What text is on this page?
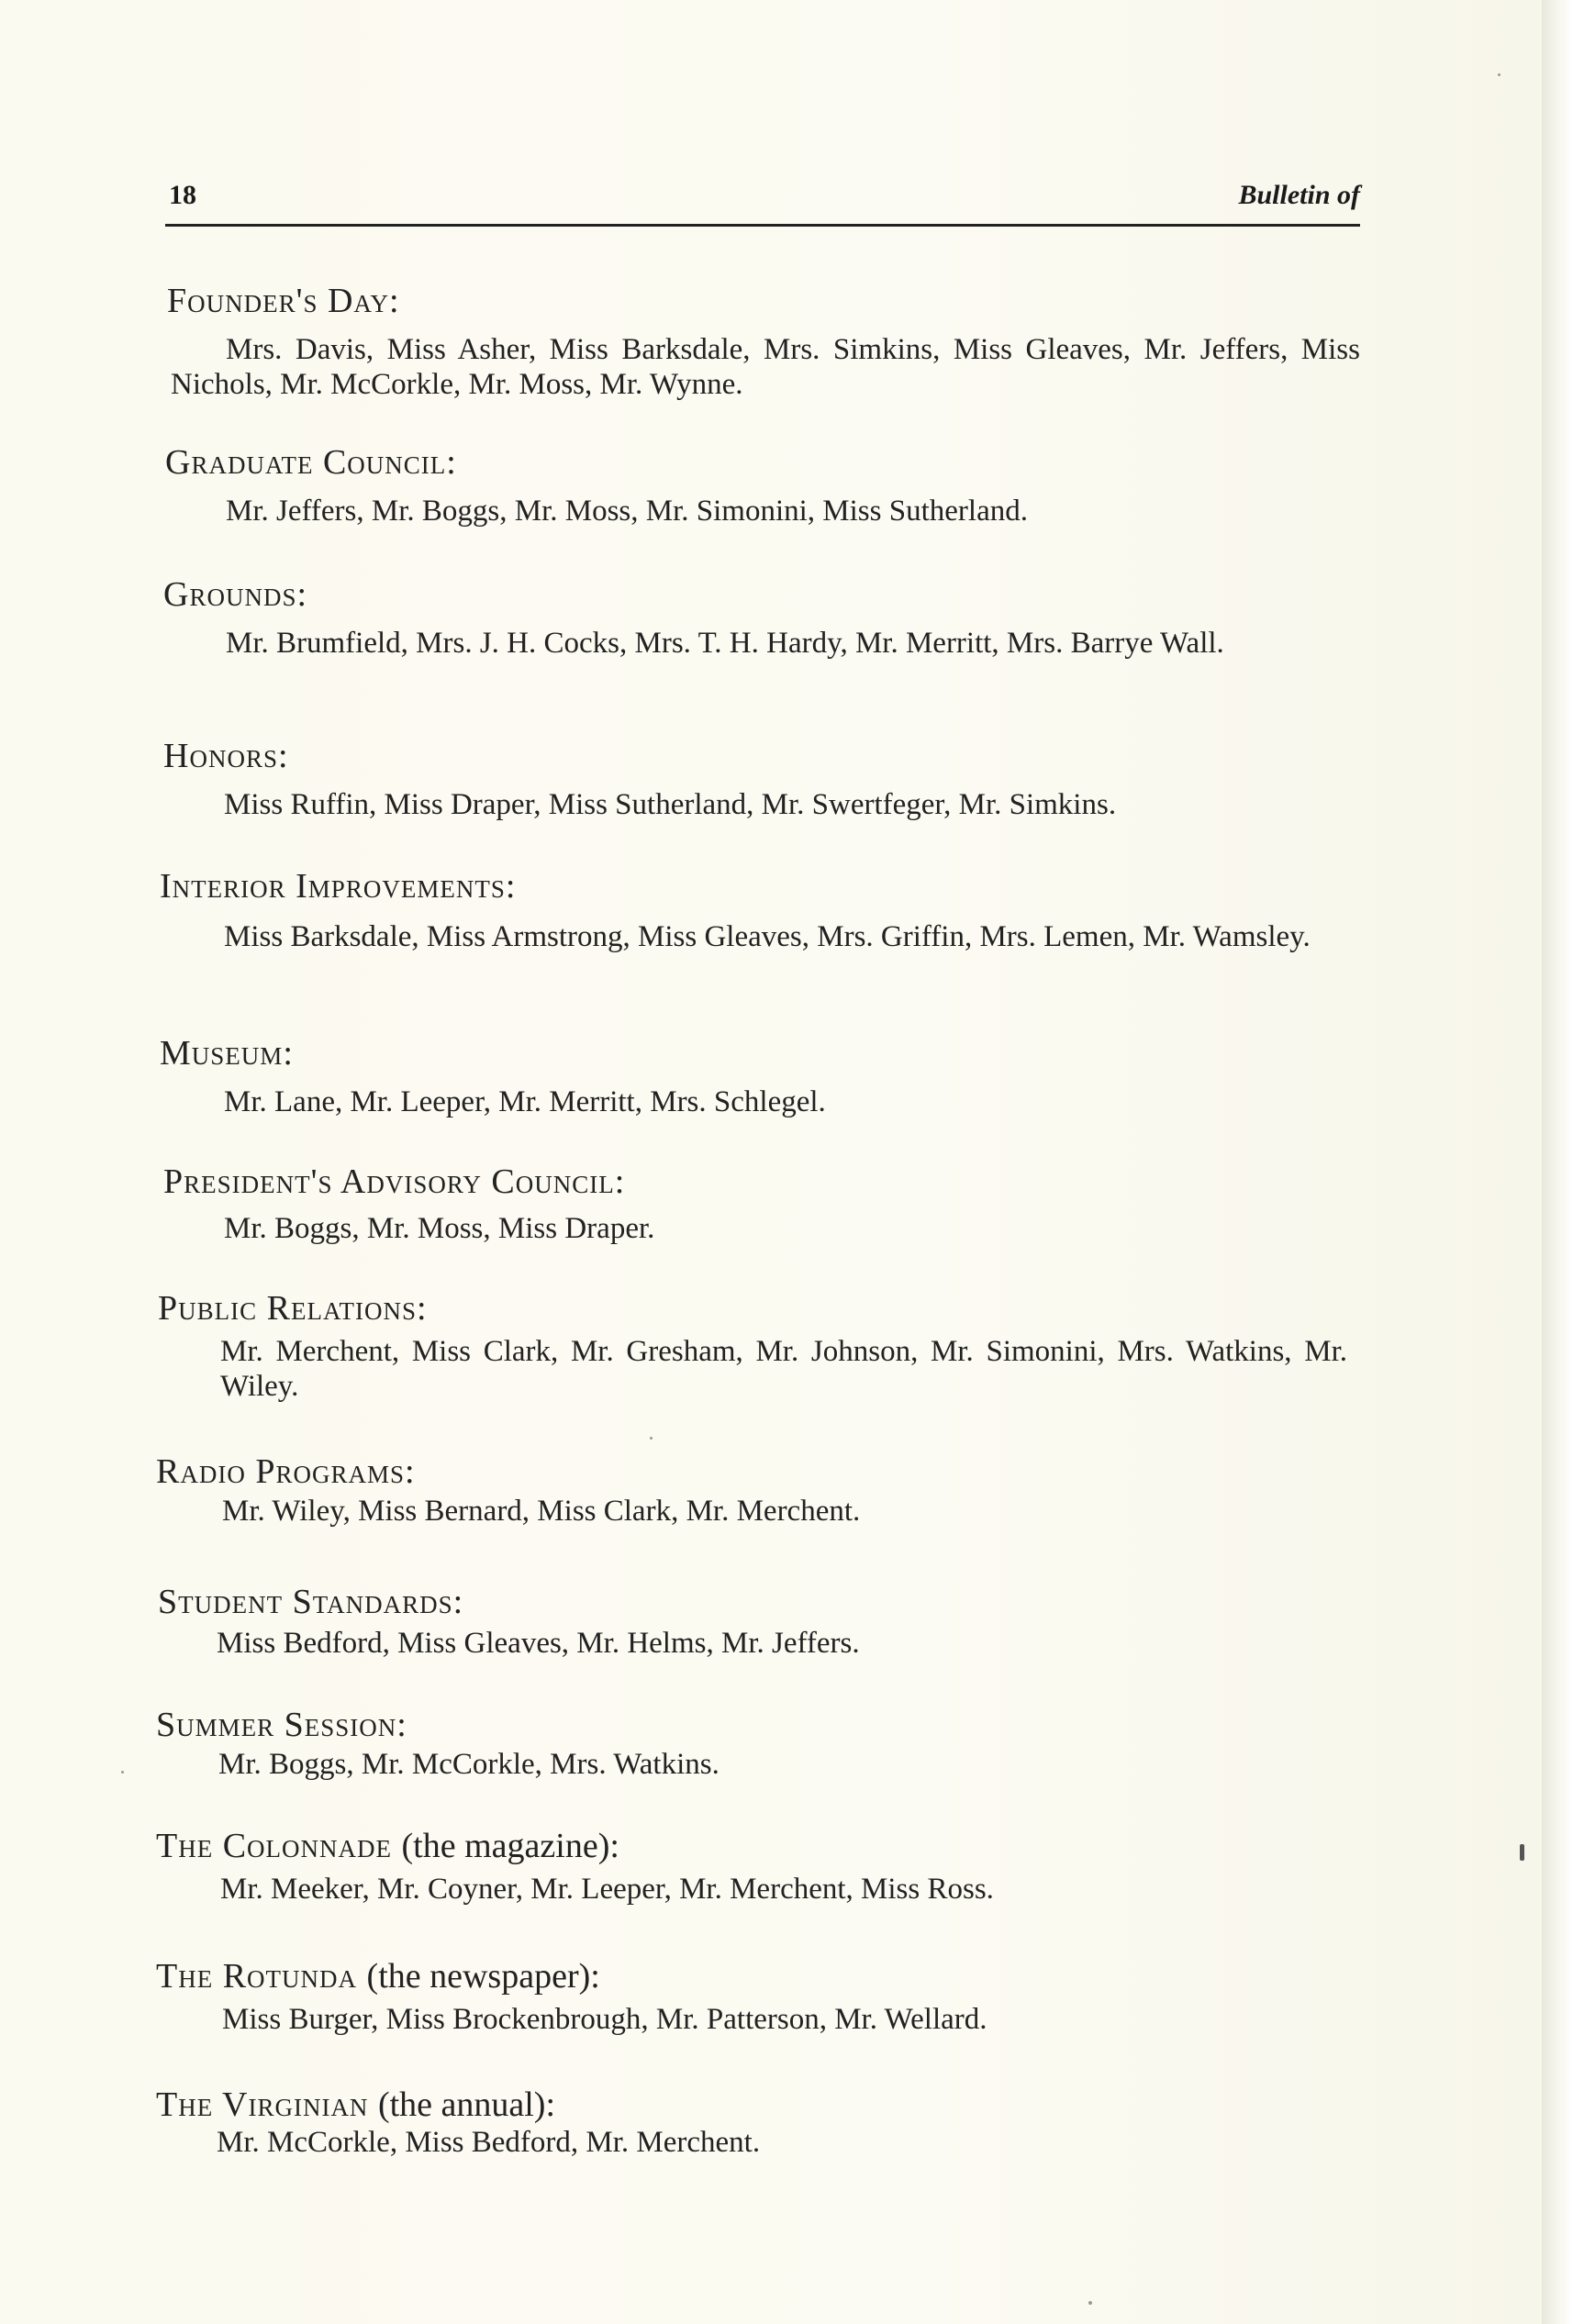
18	Bulletin of
Founder's Day:
Mrs. Davis, Miss Asher, Miss Barksdale, Mrs. Simkins, Miss Gleaves, Mr. Jeffers, Miss Nichols, Mr. McCorkle, Mr. Moss, Mr. Wynne.
Graduate Council:
Mr. Jeffers, Mr. Boggs, Mr. Moss, Mr. Simonini, Miss Sutherland.
Grounds:
Mr. Brumfield, Mrs. J. H. Cocks, Mrs. T. H. Hardy, Mr. Merritt, Mrs. Barrye Wall.
Honors:
Miss Ruffin, Miss Draper, Miss Sutherland, Mr. Swertfeger, Mr. Simkins.
Interior Improvements:
Miss Barksdale, Miss Armstrong, Miss Gleaves, Mrs. Griffin, Mrs. Lemen, Mr. Wamsley.
Museum:
Mr. Lane, Mr. Leeper, Mr. Merritt, Mrs. Schlegel.
President's Advisory Council:
Mr. Boggs, Mr. Moss, Miss Draper.
Public Relations:
Mr. Merchent, Miss Clark, Mr. Gresham, Mr. Johnson, Mr. Simonini, Mrs. Watkins, Mr. Wiley.
Radio Programs:
Mr. Wiley, Miss Bernard, Miss Clark, Mr. Merchent.
Student Standards:
Miss Bedford, Miss Gleaves, Mr. Helms, Mr. Jeffers.
Summer Session:
Mr. Boggs, Mr. McCorkle, Mrs. Watkins.
The Colonnade (the magazine):
Mr. Meeker, Mr. Coyner, Mr. Leeper, Mr. Merchent, Miss Ross.
The Rotunda (the newspaper):
Miss Burger, Miss Brockenbrough, Mr. Patterson, Mr. Wellard.
The Virginian (the annual):
Mr. McCorkle, Miss Bedford, Mr. Merchent.
